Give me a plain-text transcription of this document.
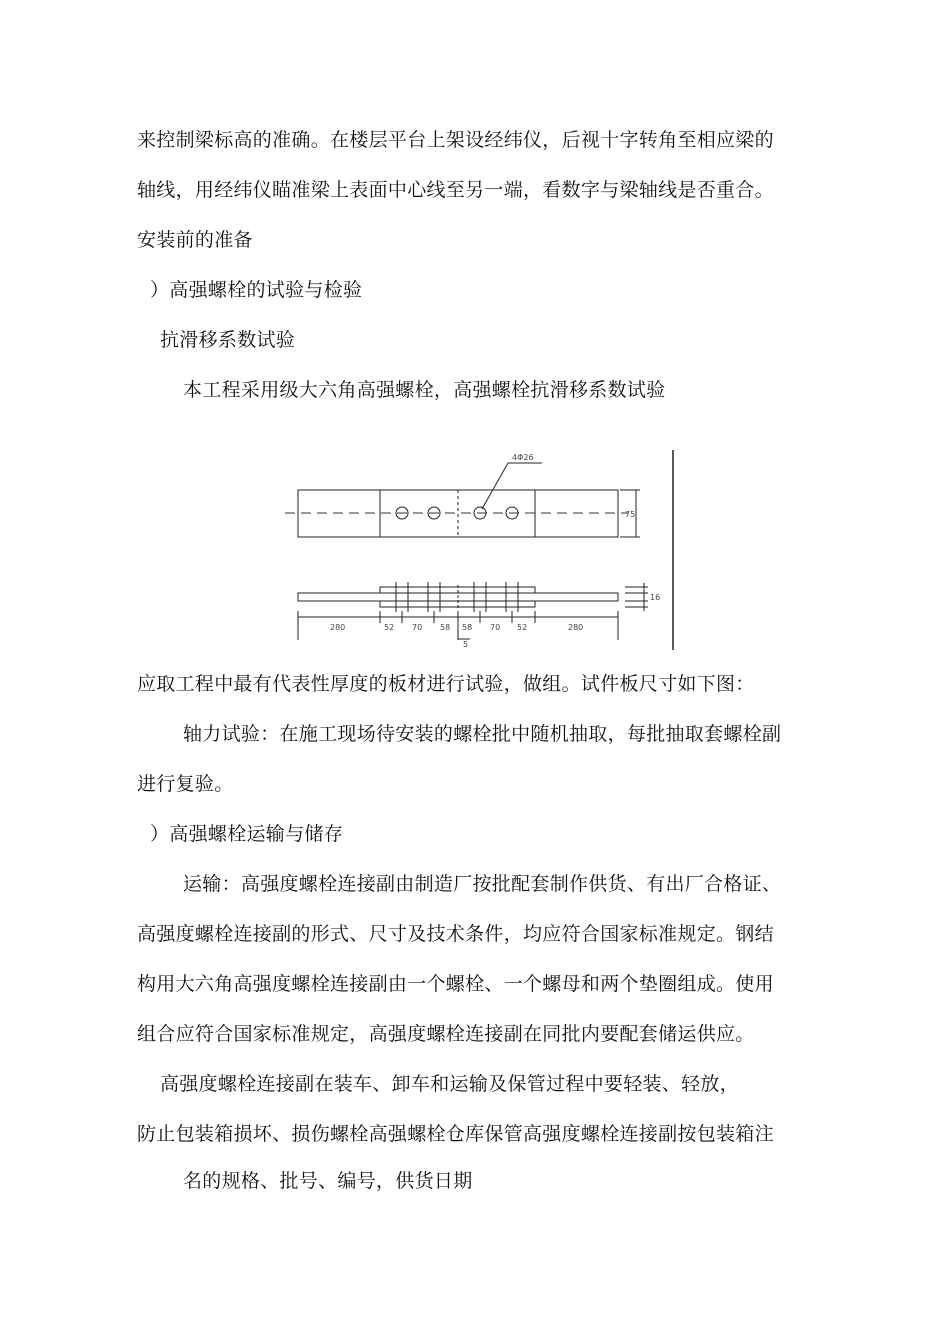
来控制梁标高的准确。在楼层平台上架设经纬仪，后视十字转角至相应梁的
轴线，用经纬仪瞄准梁上表面中心线至另一端，看数字与梁轴线是否重合。
安装前的准备
）高强螺栓的试验与检验
抗滑移系数试验
本工程采用级大六角高强螺栓，高强螺栓抗滑移系数试验
4Φ26
75
16
280	52 70 58 58 70 52	280
5
应取工程中最有代表性厚度的板材进行试验，做组。试件板尺寸如下图：
轴力试验：在施工现场待安装的螺栓批中随机抽取，每批抽取套螺栓副
进行复验。
）高强螺栓运输与储存
运输：高强度螺栓连接副由制造厂按批配套制作供货、有出厂合格证、
高强度螺栓连接副的形式、尺寸及技术条件，均应符合国家标准规定。钢结
构用大六角高强度螺栓连接副由一个螺栓、一个螺母和两个垫圈组成。使用
组合应符合国家标准规定，高强度螺栓连接副在同批内要配套储运供应。
高强度螺栓连接副在装车、卸车和运输及保管过程中要轻装、轻放，
防止包装箱损坏、损伤螺栓高强螺栓仓库保管高强度螺栓连接副按包装箱注
名的规格、批号、编号，供货日期
